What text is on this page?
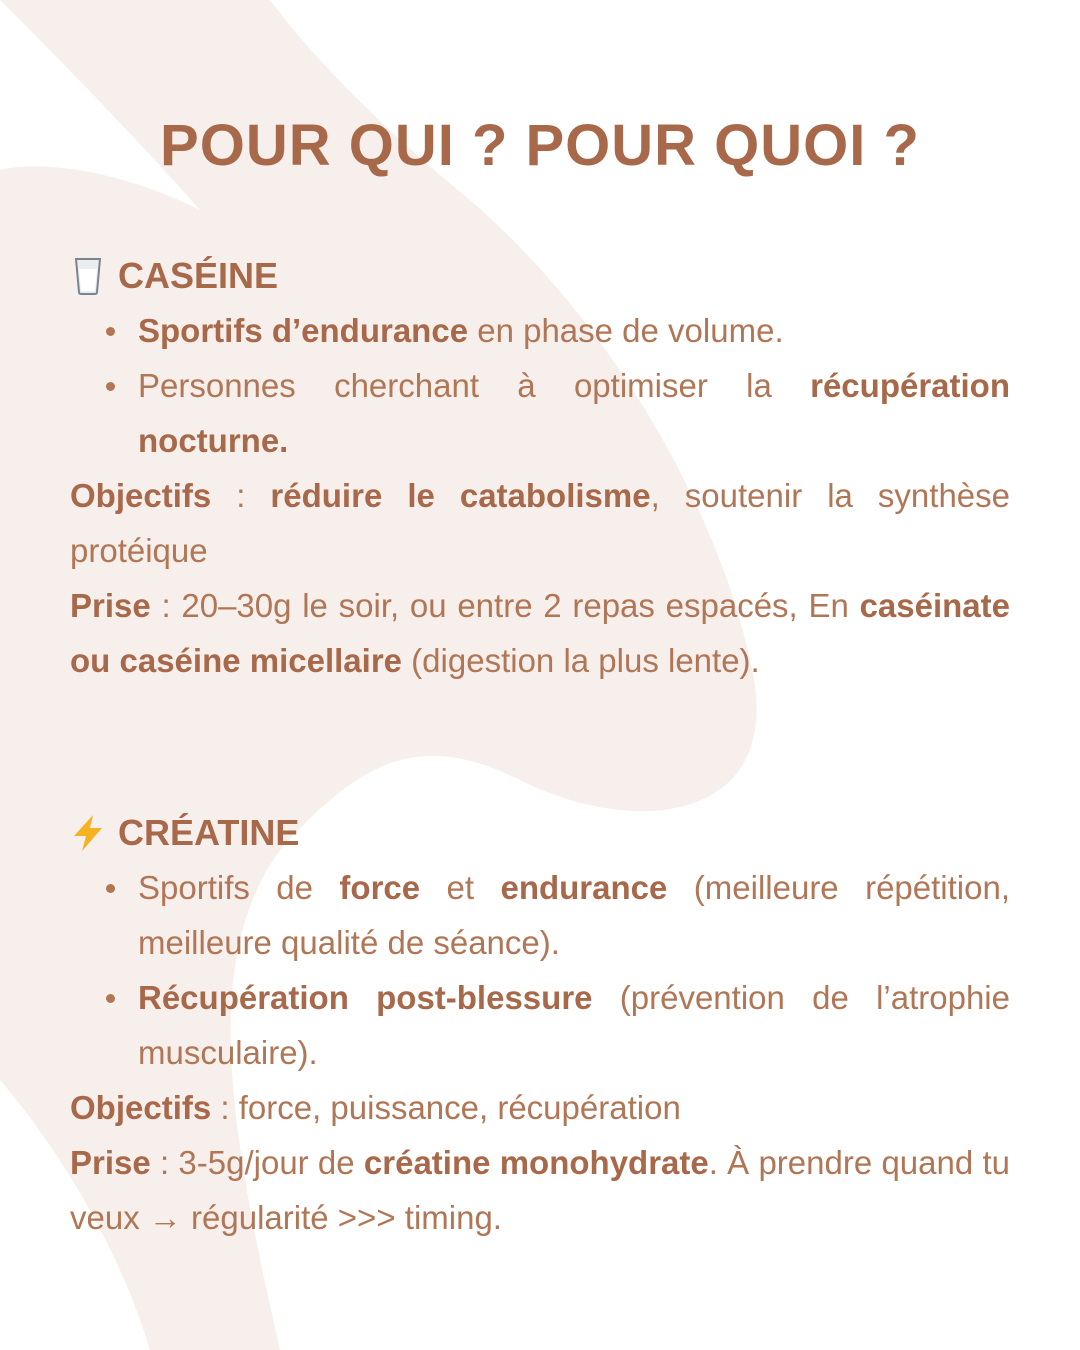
POUR QUI ? POUR QUOI ?
CASÉINE
Sportifs d’endurance en phase de volume.
Personnes cherchant à optimiser la récupération nocturne.

Objectifs : réduire le catabolisme, soutenir la synthèse protéique

Prise : 20–30g le soir, ou entre 2 repas espacés, En caséinate ou caséine micellaire (digestion la plus lente).

CRÉATINE
Sportifs de force et endurance (meilleure répétition, meilleure qualité de séance).
Récupération post-blessure (prévention de l’atrophie musculaire).

Objectifs : force, puissance, récupération

Prise : 3-5g/jour de créatine monohydrate. À prendre quand tu veux → régularité >>> timing.
